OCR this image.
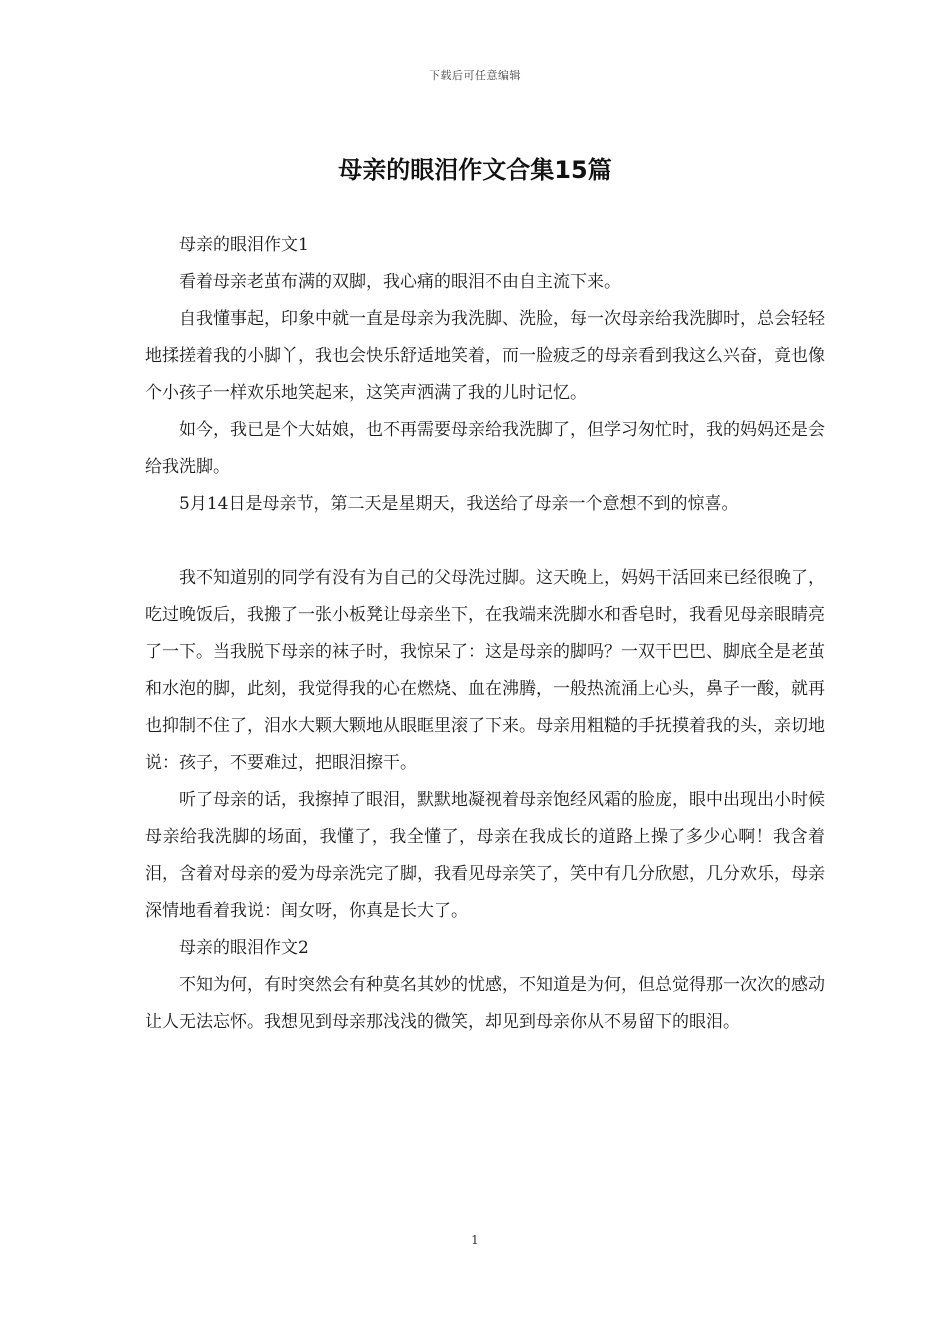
下载后可任意编辑
母亲的眼泪作文合集15篇

母亲的眼泪作文1

看着母亲老茧布满的双脚，我心痛的眼泪不由自主流下来。

自我懂事起，印象中就一直是母亲为我洗脚、洗脸，每一次母亲给我洗脚时，总会轻轻地揉搓着我的小脚丫，我也会快乐舒适地笑着，而一脸疲乏的母亲看到我这么兴奋，竟也像个小孩子一样欢乐地笑起来，这笑声洒满了我的儿时记忆。

如今，我已是个大姑娘，也不再需要母亲给我洗脚了，但学习匆忙时，我的妈妈还是会给我洗脚。

5月14日是母亲节，第二天是星期天，我送给了母亲一个意想不到的惊喜。

我不知道别的同学有没有为自己的父母洗过脚。这天晚上，妈妈干活回来已经很晚了，吃过晚饭后，我搬了一张小板凳让母亲坐下，在我端来洗脚水和香皂时，我看见母亲眼睛亮了一下。当我脱下母亲的袜子时，我惊呆了：这是母亲的脚吗？一双干巴巴、脚底全是老茧和水泡的脚，此刻，我觉得我的心在燃烧、血在沸腾，一般热流涌上心头，鼻子一酸，就再也抑制不住了，泪水大颗大颗地从眼眶里滚了下来。母亲用粗糙的手抚摸着我的头，亲切地说：孩子，不要难过，把眼泪擦干。

听了母亲的话，我擦掉了眼泪，默默地凝视着母亲饱经风霜的脸庞，眼中出现出小时候母亲给我洗脚的场面，我懂了，我全懂了，母亲在我成长的道路上操了多少心啊！我含着泪，含着对母亲的爱为母亲洗完了脚，我看见母亲笑了，笑中有几分欣慰，几分欢乐，母亲深情地看着我说：闺女呀，你真是长大了。

母亲的眼泪作文2

不知为何，有时突然会有种莫名其妙的忧感，不知道是为何，但总觉得那一次次的感动让人无法忘怀。我想见到母亲那浅浅的微笑，却见到母亲你从不易留下的眼泪。

1
